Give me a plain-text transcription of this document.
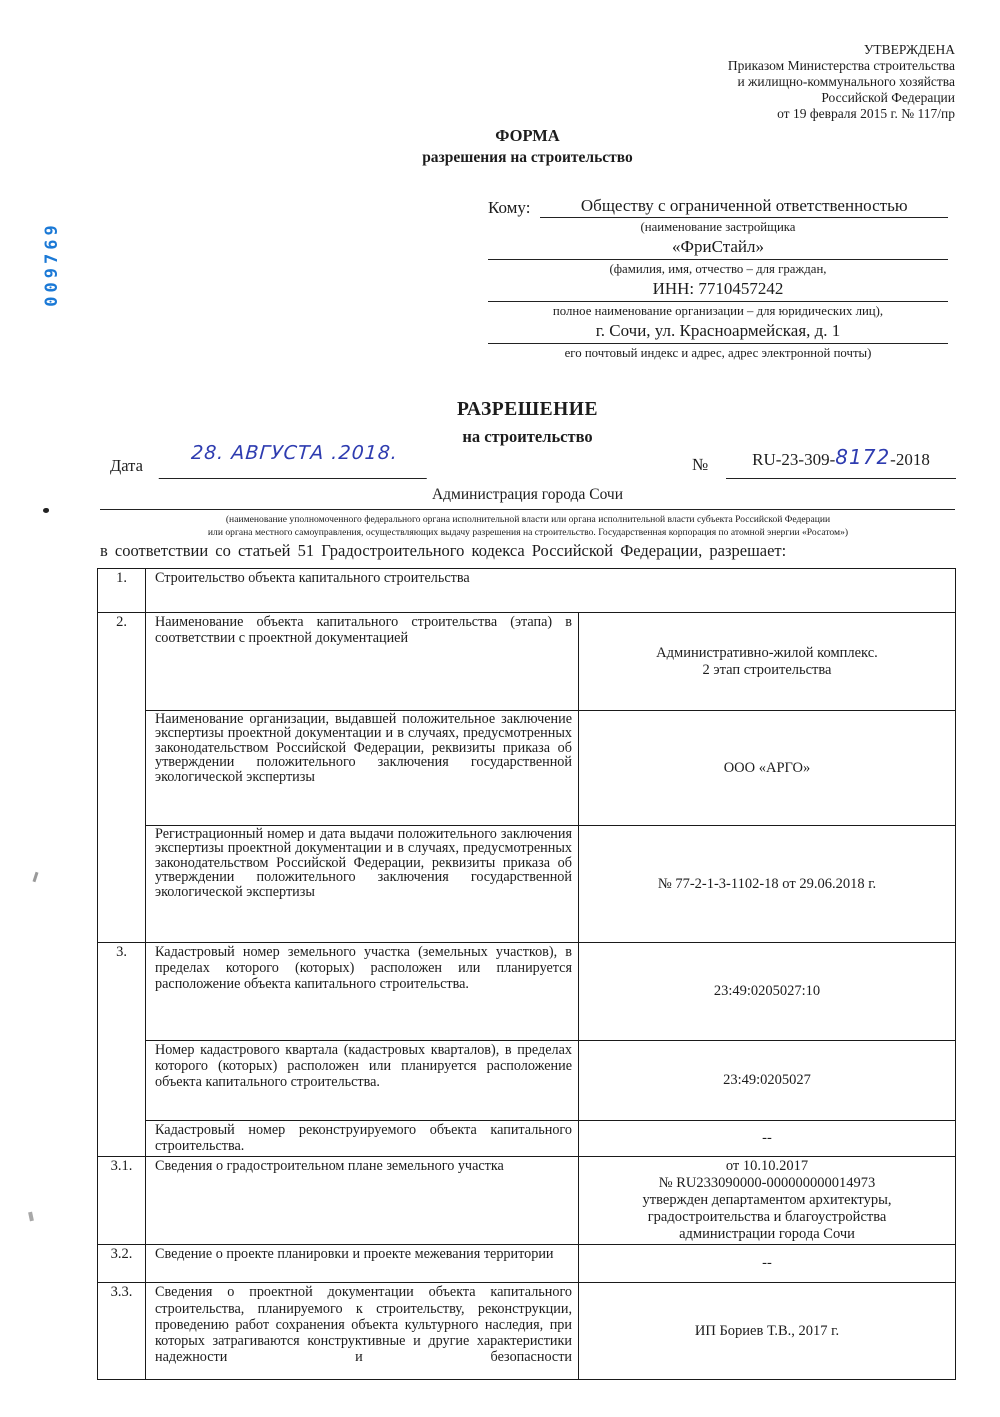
009769
УТВЕРЖДЕНА
Приказом Министерства строительства
и жилищно-коммунального хозяйства
Российской Федерации
от 19 февраля 2015 г. № 117/пр
ФОРМА
разрешения на строительство
Кому:	Обществу с ограниченной ответственностью
(наименование застройщика
«ФриСтайл»
(фамилия, имя, отчество – для граждан,
ИНН: 7710457242
полное наименование организации – для юридических лиц),
г. Сочи, ул. Красноармейская, д. 1
его почтовый индекс и адрес, адрес электронной почты)
РАЗРЕШЕНИЕ
на строительство
Дата
28. АВГУСТА .2018.
№	RU-23-309-8172-2018
Администрация города Сочи
(наименование уполномоченного федерального органа исполнительной власти или органа исполнительной власти субъекта Российской Федерации
или органа местного самоуправления, осуществляющих выдачу разрешения на строительство. Государственная корпорация по атомной энергии «Росатом»)
в соответствии со статьей 51 Градостроительного кодекса Российской Федерации, разрешает:
1.	Строительство объекта капитального строительства	
2.	Наименование объекта капитального строительства (этапа) в соответствии с проектной документацией	Административно-жилой комплекс.
2 этап строительства

	Наименование организации, выдавшей положительное заключение экспертизы проектной документации и в случаях, предусмотренных законодательством Российской Федерации, реквизиты приказа об утверждении положительного заключения государственной экологической экспертизы	ООО «АРГО»
	Регистрационный номер и дата выдачи положительного заключения экспертизы проектной документации и в случаях, предусмотренных законодательством Российской Федерации, реквизиты приказа об утверждении положительного заключения государственной экологической экспертизы	№ 77-2-1-3-1102-18 от 29.06.2018 г.
3.	Кадастровый номер земельного участка (земельных участков), в пределах которого (которых) расположен или планируется расположение объекта капитального строительства.	23:49:0205027:10
	Номер кадастрового квартала (кадастровых кварталов), в пределах которого (которых) расположен или планируется расположение объекта капитального строительства.	23:49:0205027
	Кадастровый номер реконструируемого объекта капитального строительства.	--
3.1.	Сведения о градостроительном плане земельного участка	от 10.10.2017
№ RU233090000-000000000014973
утвержден департаментом архитектуры,
градостроительства и благоустройства
администрации города Сочи

3.2.	Сведение о проекте планировки и проекте межевания территории	--
3.3.	Сведения о проектной документации объекта капитального строительства, планируемого к строительству, реконструкции, проведению работ сохранения объекта культурного наследия, при которых затрагиваются конструктивные и другие характеристики надежности и безопасности	ИП Бориев Т.В., 2017 г.
